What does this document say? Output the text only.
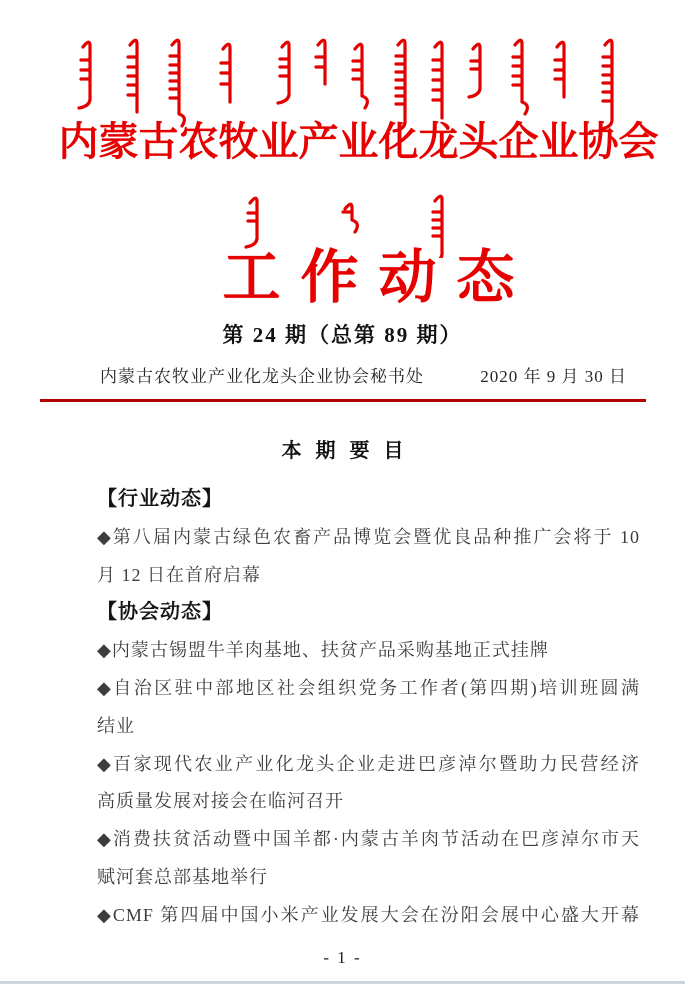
内蒙古农牧业产业化龙头企业协会
工作动态
第 24 期（总第 89 期）
内蒙古农牧业产业化龙头企业协会秘书处	2020 年 9 月 30 日
本期要目
【行业动态】
◆第八届内蒙古绿色农畜产品博览会暨优良品种推广会将于 10
月 12 日在首府启幕
【协会动态】
◆内蒙古锡盟牛羊肉基地、扶贫产品采购基地正式挂牌
◆自治区驻中部地区社会组织党务工作者(第四期)培训班圆满
结业
◆百家现代农业产业化龙头企业走进巴彦淖尔暨助力民营经济
高质量发展对接会在临河召开
◆消费扶贫活动暨中国羊都·内蒙古羊肉节活动在巴彦淖尔市天
赋河套总部基地举行
◆CMF 第四届中国小米产业发展大会在汾阳会展中心盛大开幕
- 1 -
